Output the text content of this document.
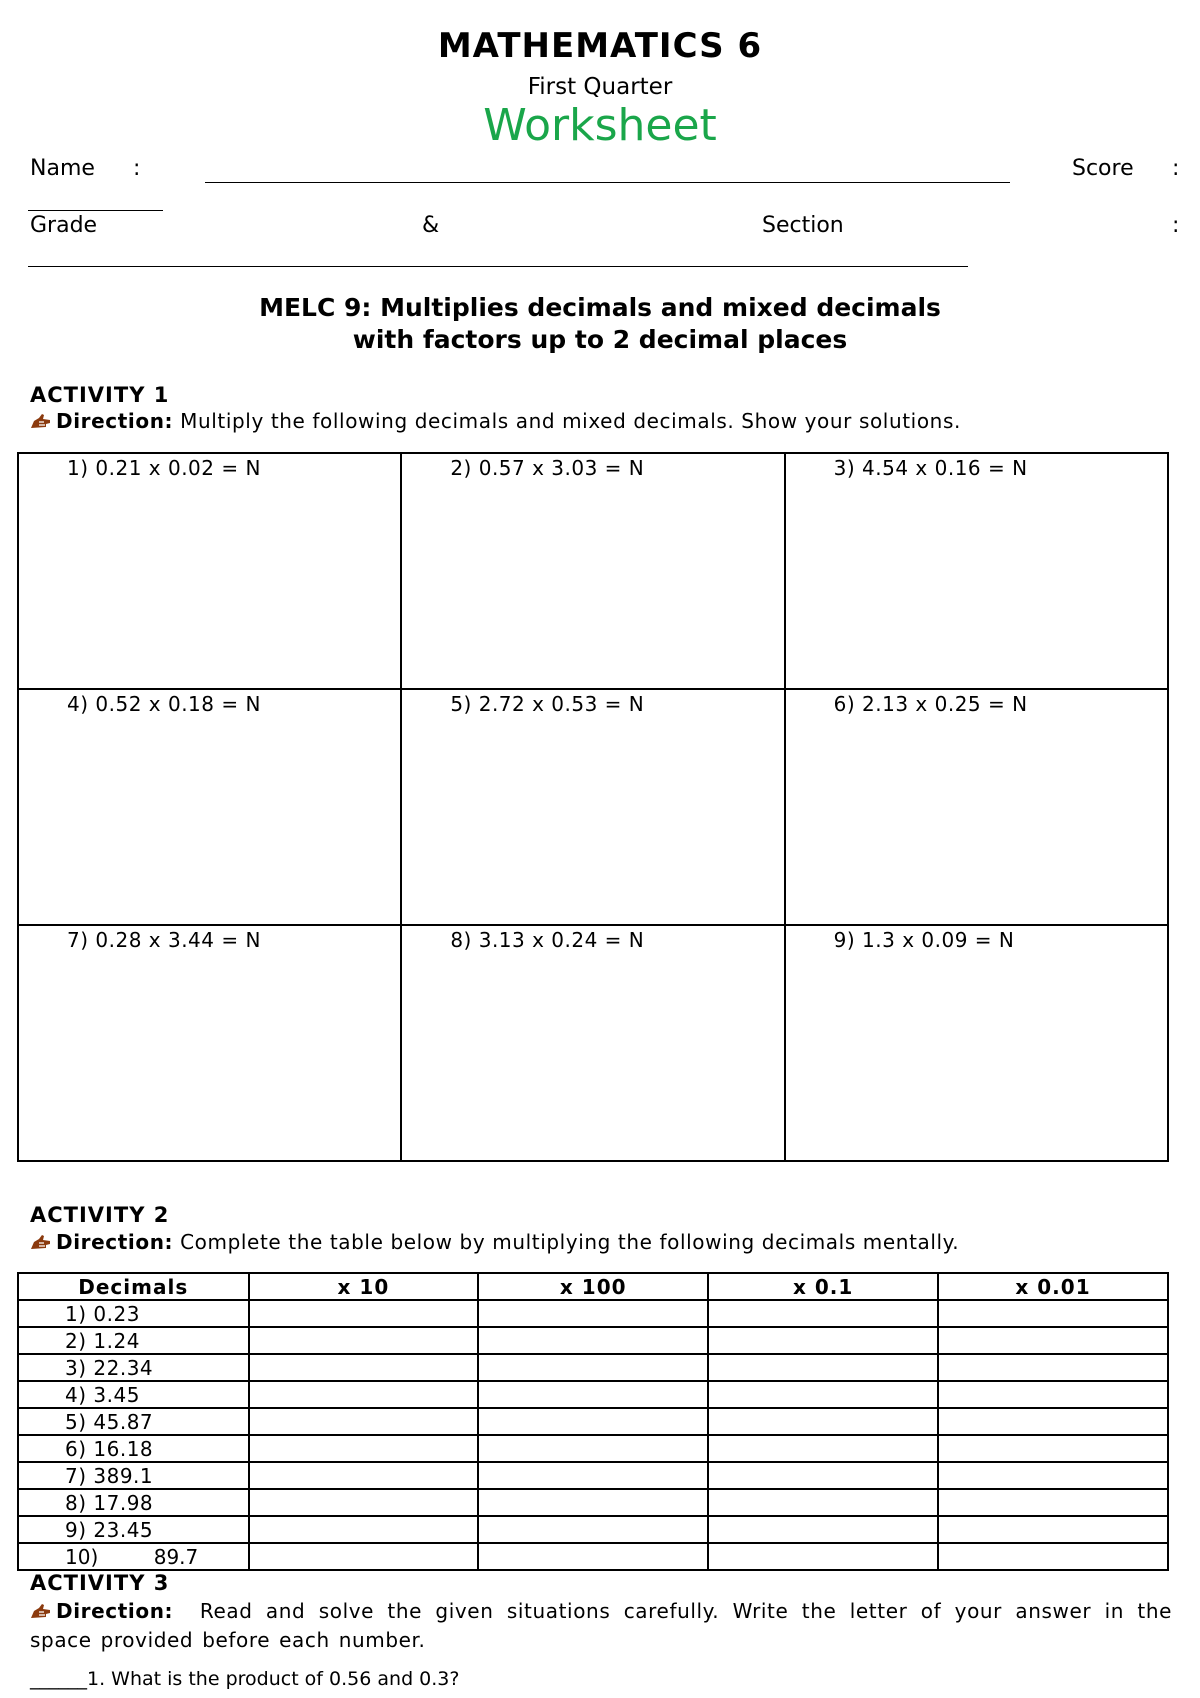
MATHEMATICS 6
First Quarter
Worksheet
Name :	Score :
Grade	&	Section	:
MELC 9: Multiplies decimals and mixed decimals
with factors up to 2 decimal places
ACTIVITY 1
Direction: Multiply the following decimals and mixed decimals. Show your solutions.
1) 0.21 x 0.02 = N	2) 0.57 x 3.03 = N	3) 4.54 x 0.16 = N

4) 0.52 x 0.18 = N	5) 2.72 x 0.53 = N	6) 2.13 x 0.25 = N

7) 0.28 x 3.44 = N	8) 3.13 x 0.24 = N	9) 1.3 x 0.09 = N
ACTIVITY 2
Direction: Complete the table below by multiplying the following decimals mentally.
Decimals	x 10	x 100	x 0.1	x 0.01
1) 0.23				
2) 1.24				
3) 22.34				
4) 3.45				
5) 45.87				
6) 16.18				
7) 389.1				
8) 17.98				
9) 23.45				
10) 89.7				
ACTIVITY 3
Direction: Read and solve the given situations carefully. Write the letter of your answer in the space provided before each number.
______1. What is the product of 0.56 and 0.3?
